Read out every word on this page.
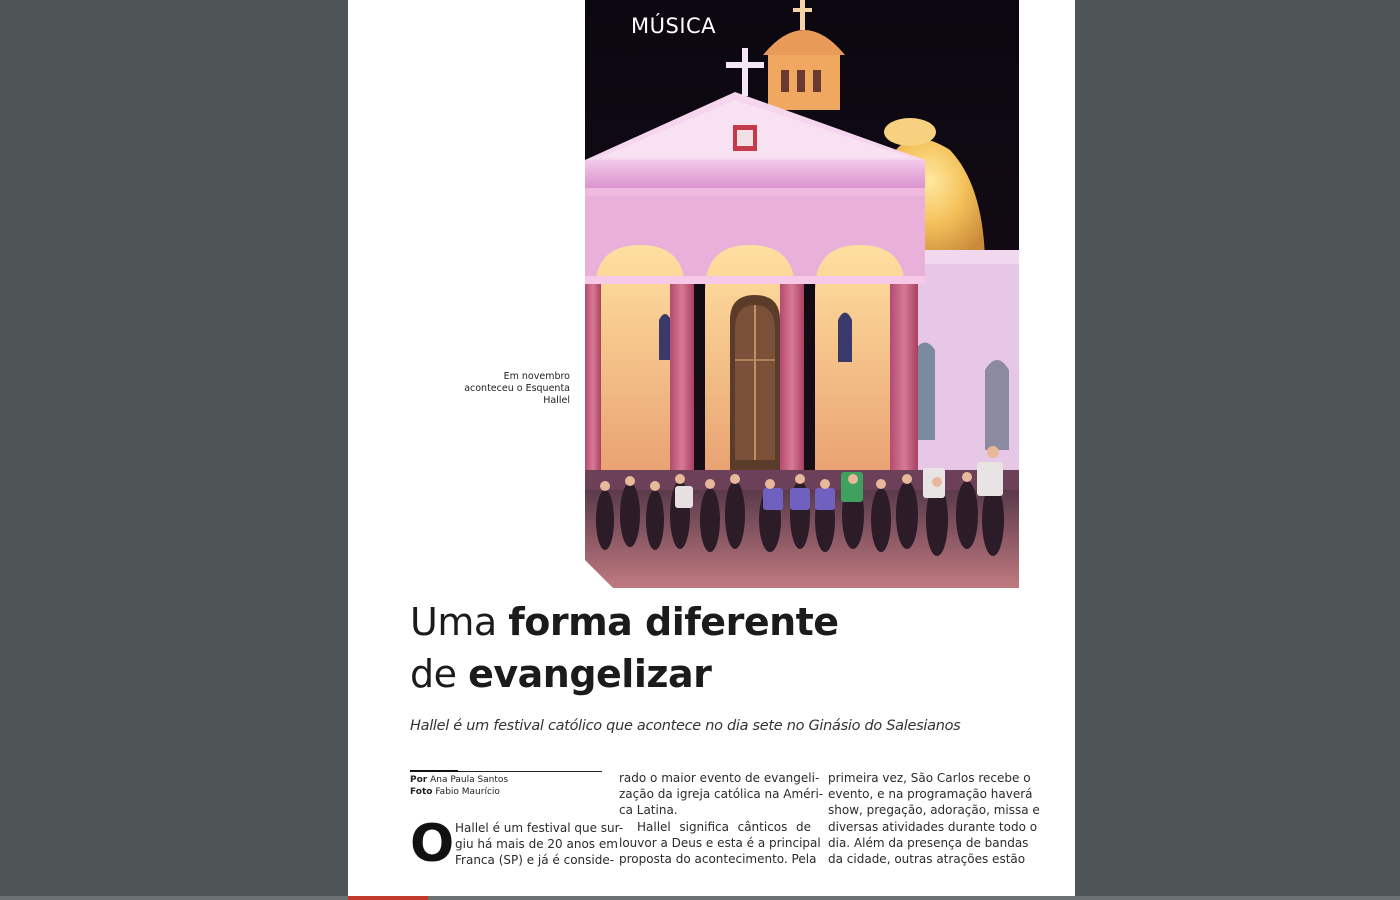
MÚSICA
Em novembro
aconteceu o Esquenta
Hallel
Uma forma diferente
de evangelizar
Hallel é um festival católico que acontece no dia sete no Ginásio do Salesianos
Por Ana Paula Santos
Foto Fabio Maurício
O Hallel é um festival que sur-
giu há mais de 20 anos em
Franca (SP) e já é conside-
rado o maior evento de evangeli-
zação da igreja católica na Améri-
ca Latina.
Hallel significa cânticos de
louvor a Deus e esta é a principal
proposta do acontecimento. Pela
primeira vez, São Carlos recebe o
evento, e na programação haverá
show, pregação, adoração, missa e
diversas atividades durante todo o
dia. Além da presença de bandas
da cidade, outras atrações estão
